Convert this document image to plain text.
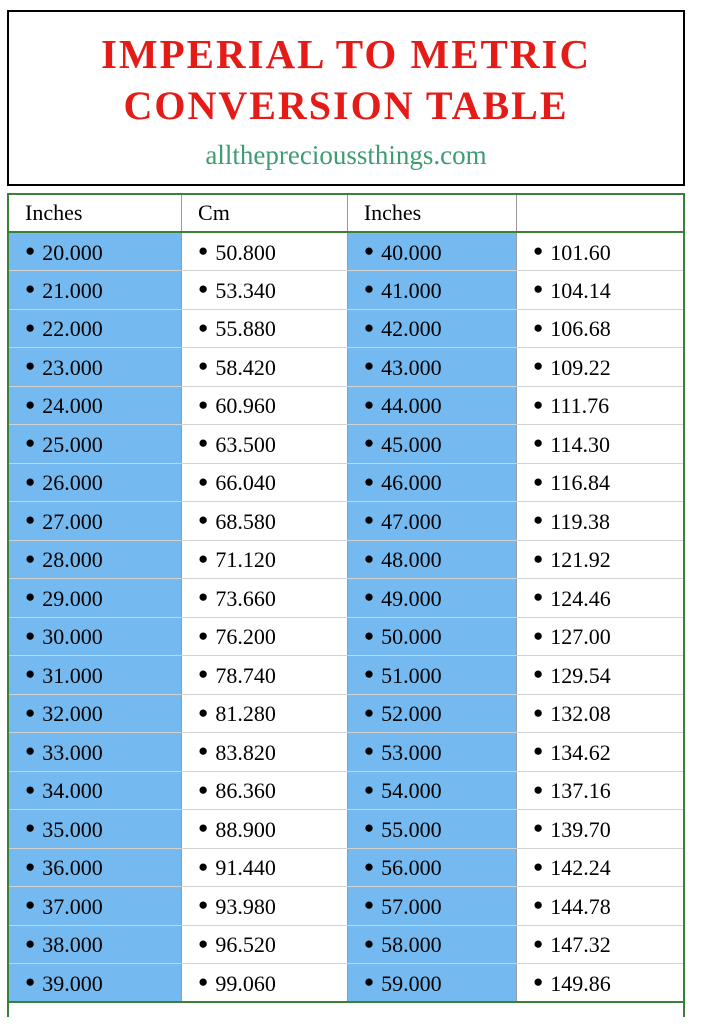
IMPERIAL TO METRIC
CONVERSION TABLE
alltheprecioussthings.com
Inches	Cm	Inches	
● 20.000	● 50.800	● 40.000	● 101.60
● 21.000	● 53.340	● 41.000	● 104.14
● 22.000	● 55.880	● 42.000	● 106.68
● 23.000	● 58.420	● 43.000	● 109.22
● 24.000	● 60.960	● 44.000	● 111.76
● 25.000	● 63.500	● 45.000	● 114.30
● 26.000	● 66.040	● 46.000	● 116.84
● 27.000	● 68.580	● 47.000	● 119.38
● 28.000	● 71.120	● 48.000	● 121.92
● 29.000	● 73.660	● 49.000	● 124.46
● 30.000	● 76.200	● 50.000	● 127.00
● 31.000	● 78.740	● 51.000	● 129.54
● 32.000	● 81.280	● 52.000	● 132.08
● 33.000	● 83.820	● 53.000	● 134.62
● 34.000	● 86.360	● 54.000	● 137.16
● 35.000	● 88.900	● 55.000	● 139.70
● 36.000	● 91.440	● 56.000	● 142.24
● 37.000	● 93.980	● 57.000	● 144.78
● 38.000	● 96.520	● 58.000	● 147.32
● 39.000	● 99.060	● 59.000	● 149.86
